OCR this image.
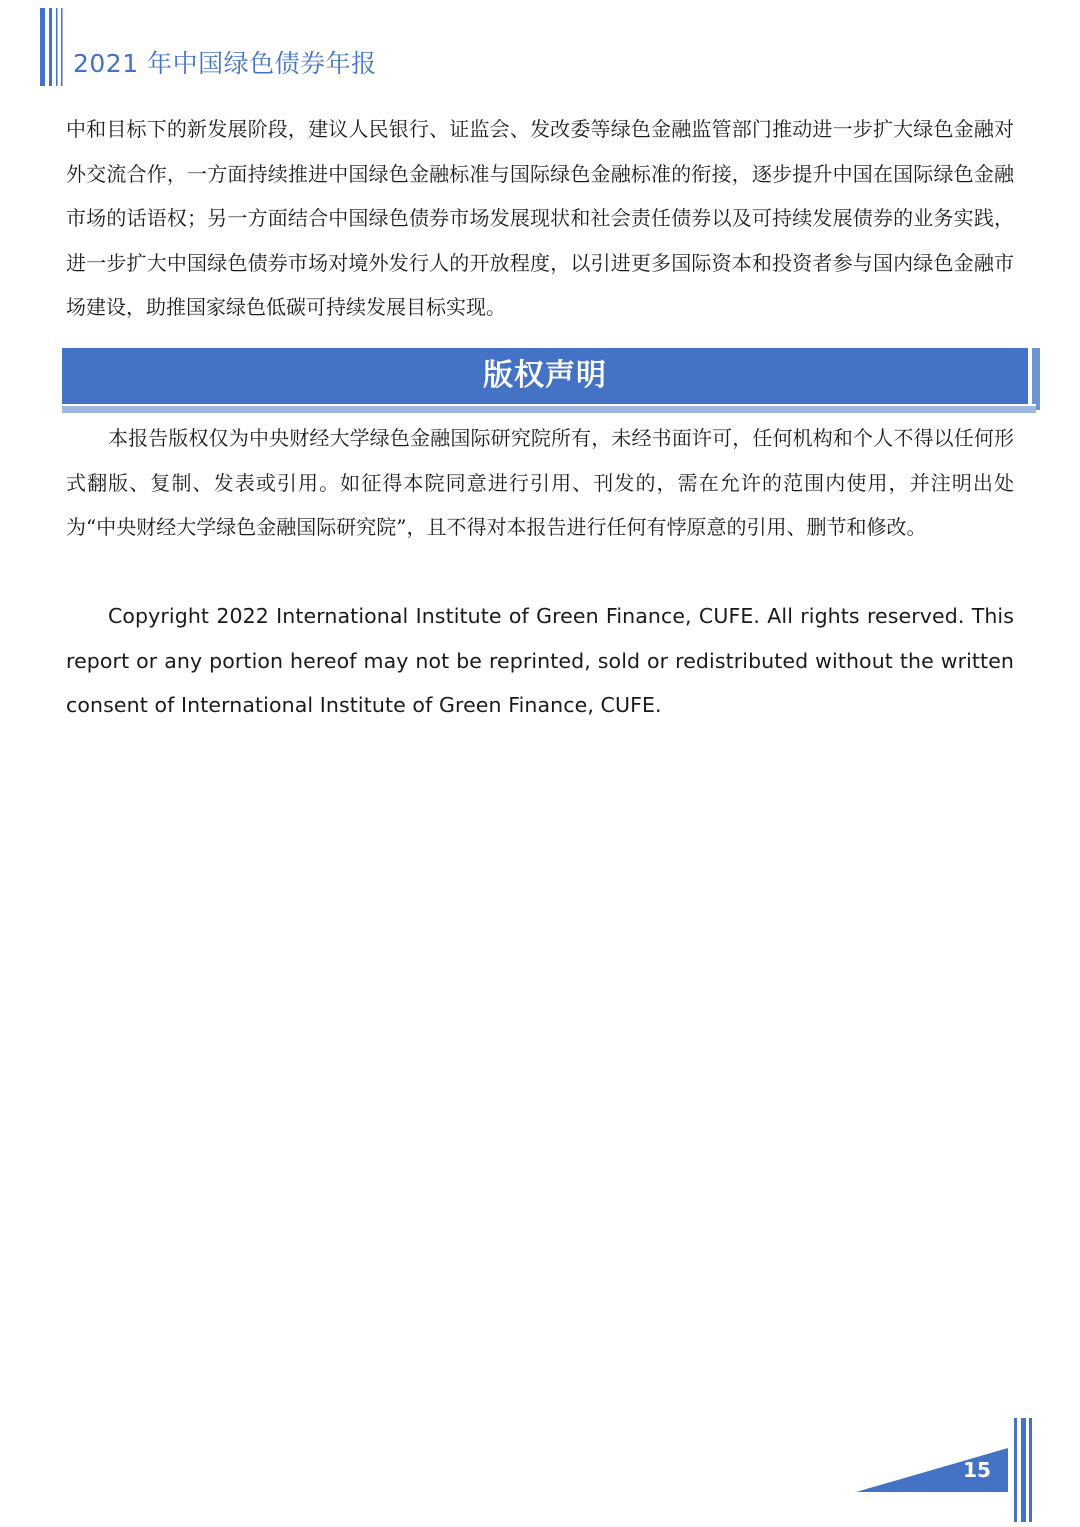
2021 年中国绿色债券年报

中和目标下的新发展阶段，建议人民银行、证监会、发改委等绿色金融监管部门推动进一步扩大绿色金融对外交流合作，一方面持续推进中国绿色金融标准与国际绿色金融标准的衔接，逐步提升中国在国际绿色金融市场的话语权；另一方面结合中国绿色债券市场发展现状和社会责任债券以及可持续发展债券的业务实践，进一步扩大中国绿色债券市场对境外发行人的开放程度，以引进更多国际资本和投资者参与国内绿色金融市场建设，助推国家绿色低碳可持续发展目标实现。

版权声明

本报告版权仅为中央财经大学绿色金融国际研究院所有，未经书面许可，任何机构和个人不得以任何形式翻版、复制、发表或引用。如征得本院同意进行引用、刊发的，需在允许的范围内使用，并注明出处为“中央财经大学绿色金融国际研究院”，且不得对本报告进行任何有悖原意的引用、删节和修改。

Copyright 2022 International Institute of Green Finance, CUFE. All rights reserved. This report or any portion hereof may not be reprinted, sold or redistributed without the written consent of International Institute of Green Finance, CUFE.

15
